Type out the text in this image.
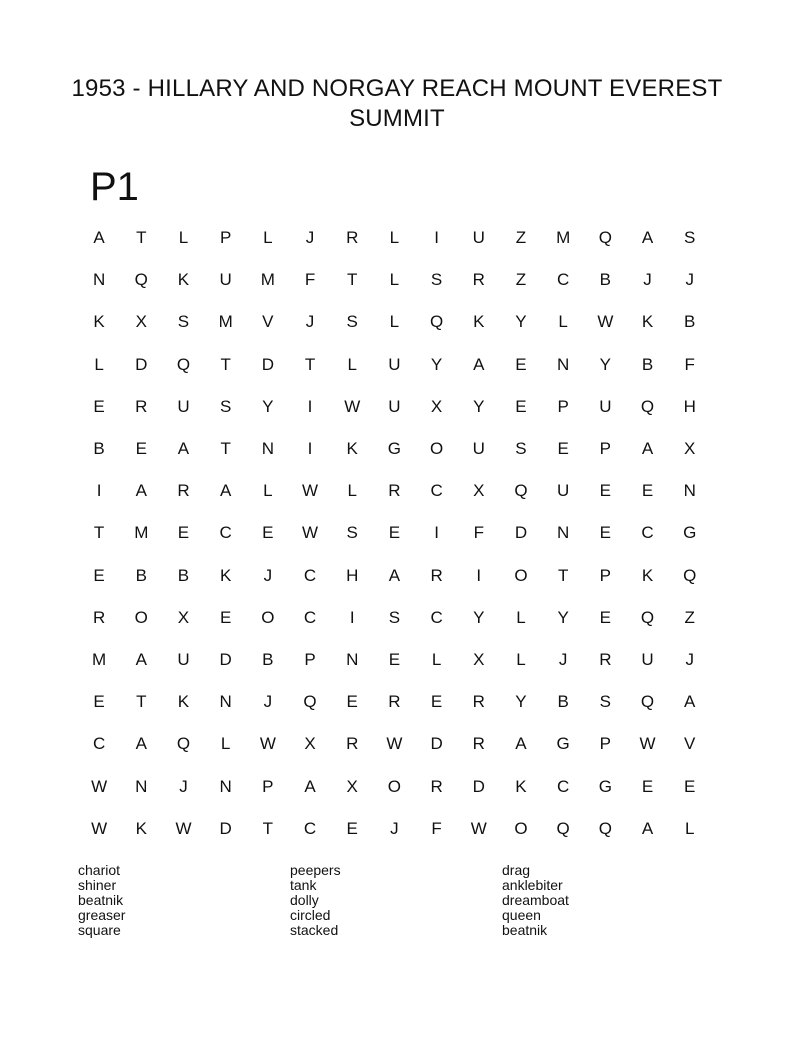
1953 - HILLARY AND NORGAY REACH MOUNT EVEREST SUMMIT
P1
A	T	L	P	L	J	R	L	I	U	Z	M	Q	A	S
N	Q	K	U	M	F	T	L	S	R	Z	C	B	J	J
K	X	S	M	V	J	S	L	Q	K	Y	L	W	K	B
L	D	Q	T	D	T	L	U	Y	A	E	N	Y	B	F
E	R	U	S	Y	I	W	U	X	Y	E	P	U	Q	H
B	E	A	T	N	I	K	G	O	U	S	E	P	A	X
I	A	R	A	L	W	L	R	C	X	Q	U	E	E	N
T	M	E	C	E	W	S	E	I	F	D	N	E	C	G
E	B	B	K	J	C	H	A	R	I	O	T	P	K	Q
R	O	X	E	O	C	I	S	C	Y	L	Y	E	Q	Z
M	A	U	D	B	P	N	E	L	X	L	J	R	U	J
E	T	K	N	J	Q	E	R	E	R	Y	B	S	Q	A
C	A	Q	L	W	X	R	W	D	R	A	G	P	W	V
W	N	J	N	P	A	X	O	R	D	K	C	G	E	E
W	K	W	D	T	C	E	J	F	W	O	Q	Q	A	L
chariot
shiner
beatnik
greaser
square
peepers
tank
dolly
circled
stacked
drag
anklebiter
dreamboat
queen
beatnik
